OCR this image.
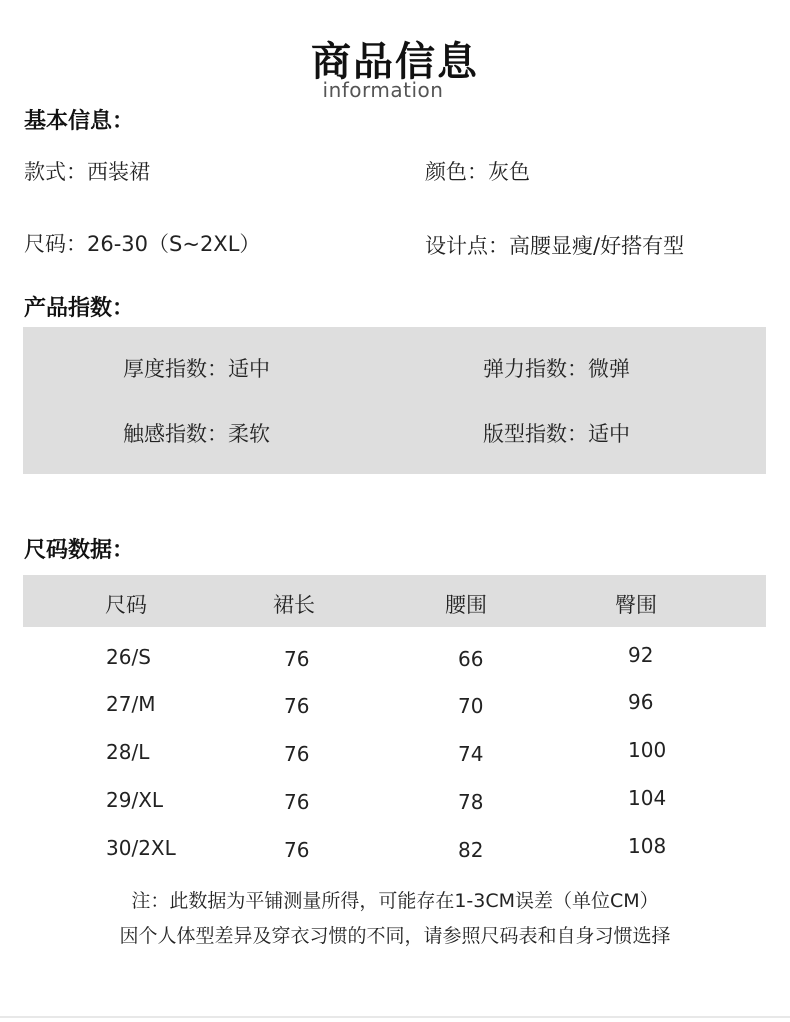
商品信息
information
基本信息：
款式：西装裙	颜色：灰色
尺码：26-30（S~2XL）	设计点：高腰显瘦/好搭有型
产品指数：
厚度指数：适中	弹力指数：微弹
触感指数：柔软	版型指数：适中
尺码数据：
尺码	裙长	腰围	臀围
26/S	76	66	92
27/M	76	70	96
28/L	76	74	100
29/XL	76	78	104
30/2XL	76	82	108
注：此数据为平铺测量所得，可能存在1-3CM误差（单位CM）
因个人体型差异及穿衣习惯的不同，请参照尺码表和自身习惯选择
